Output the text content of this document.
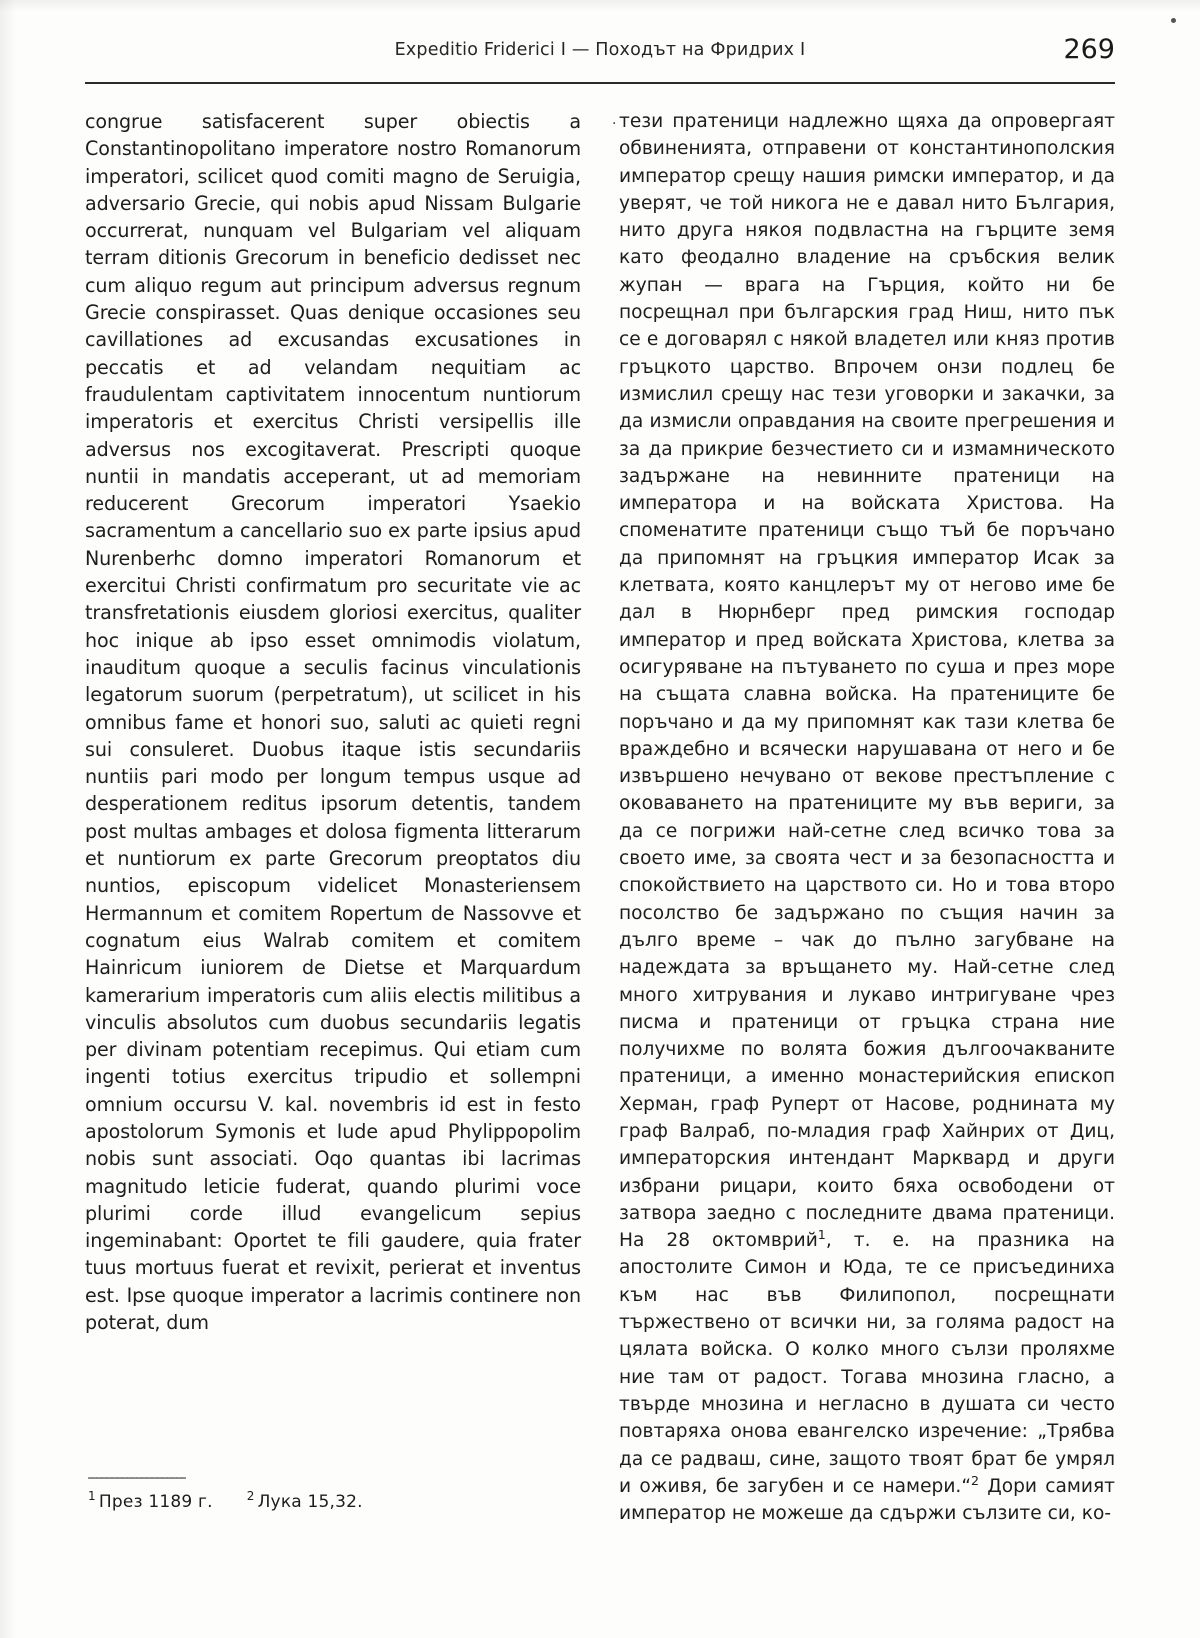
Expeditio Friderici I — Походът на Фридрих I	269
·

congrue satisfacerent super obiectis a Constantinopolitano imperatore nostro Romanorum imperatori, scilicet quod comiti magno de Seruigia, adversario Grecie, qui nobis apud Nissam Bulgarie occurrerat, nunquam vel Bulgariam vel aliquam terram ditionis Grecorum in beneficio dedisset nec cum aliquo regum aut principum adversus regnum Grecie conspirasset. Quas denique occasiones seu cavillationes ad excusandas excusationes in peccatis et ad velandam nequitiam ac fraudulentam captivitatem innocentum nuntiorum imperatoris et exercitus Christi versipellis ille adversus nos excogitaverat. Prescripti quoque nuntii in mandatis acceperant, ut ad memoriam reducerent Grecorum imperatori Ysaekio sacramentum a cancellario suo ex parte ipsius apud Nurenberhc domno imperatori Romanorum et exercitui Christi confirmatum pro securitate vie ac transfretationis eiusdem gloriosi exercitus, qualiter hoc inique ab ipso esset omnimodis violatum, inauditum quoque a seculis facinus vinculationis legatorum suorum (perpetratum), ut scilicet in his omnibus fame et honori suo, saluti ac quieti regni sui consuleret. Duobus itaque istis secundariis nuntiis pari modo per longum tempus usque ad desperationem reditus ipsorum detentis, tandem post multas ambages et dolosa figmenta litterarum et nuntiorum ex parte Grecorum preoptatos diu nuntios, episcopum videlicet Monasteriensem Hermannum et comitem Ropertum de Nassovve et cognatum eius Walrab comitem et comitem Hainricum iuniorem de Dietse et Marquardum kamerarium imperatoris cum aliis electis militibus a vinculis absolutos cum duobus secundariis legatis per divinam potentiam recepimus. Qui etiam cum ingenti totius exercitus tripudio et sollempni omnium occursu V. kal. novembris id est in festo apostolorum Symonis et Iude apud Phylippopolim nobis sunt associati. Oqo quantas ibi lacrimas magnitudo leticie fuderat, quando plurimi voce plurimi corde illud evangelicum sepius ingeminabant: Oportet te fili gaudere, quia frater tuus mortuus fuerat et revixit, perierat et inventus est. Ipse quoque imperator a lacrimis continere non poterat, dum

тези пратеници надлежно щяха да опровергаят обвиненията, отправени от константинополския император срещу нашия римски император, и да уверят, че той никога не е давал нито България, нито друга някоя подвластна на гърците земя като феодално владение на сръбския велик жупан — врага на Гърция, който ни бе посрещнал при българския град Ниш, нито пък се е договарял с някой владетел или княз против гръцкото царство. Впрочем онзи подлец бе измислил срещу нас тези уговорки и закачки, за да измисли оправдания на своите прегрешения и за да прикрие безчестието си и измамническото задържане на невинните пратеници на императора и на войската Христова. На споменатите пратеници също тъй бе поръчано да припомнят на гръцкия император Исак за клетвата, която канцлерът му от негово име бе дал в Нюрнберг пред римския господар император и пред войската Христова, клетва за осигуряване на пътуването по суша и през море на същата славна войска. На пратениците бе поръчано и да му припомнят как тази клетва бе враждебно и всячески нарушавана от него и бе извършено нечувано от векове престъпление с оковаването на пратениците му във вериги, за да се погрижи най-сетне след всичко това за своето име, за своята чест и за безопасността и спокойствието на царството си. Но и това второ посолство бе задържано по същия начин за дълго време – чак до пълно загубване на надеждата за връщането му. Най-сетне след много хитрувания и лукаво интригуване чрез писма и пратеници от гръцка страна ние получихме по волята божия дългоочакваните пратеници, а именно монастерийския епископ Херман, граф Руперт от Насове, роднината му граф Валраб, по-младия граф Хайнрих от Диц, императорския интендант Марквард и други избрани рицари, които бяха освободени от затвора заедно с последните двама пратеници. На 28 октомврий$^1$, т. е. на празника на апостолите Симон и Юда, те се присъединиха към нас във Филипопол, посрещнати тържествено от всички ни, за голяма радост на цялата войска. О колко много сълзи проляхме ние там от радост. Тогава мнозина гласно, а твърде мнозина и негласно в душата си често повтаряха онова евангелско изречение: „Трябва да се радваш, сине, защото твоят брат бе умрял и оживя, бе загубен и се намери.“$^2$ Дори самият император не можеше да сдържи сълзите си, ко-

$^1$ През 1189 г.	$^2$ Лука 15,32.
